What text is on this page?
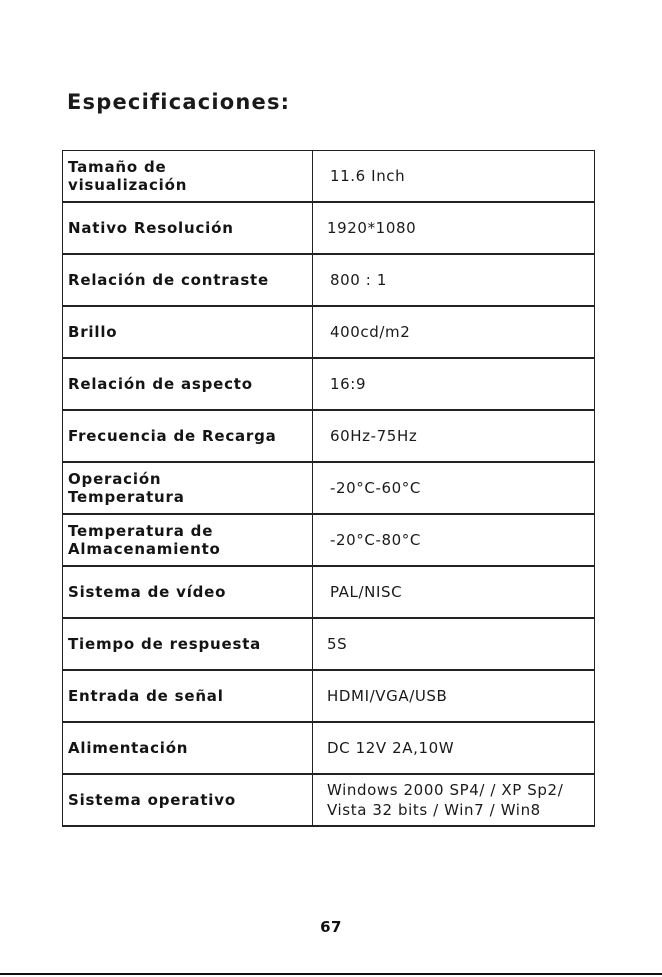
Especificaciones:
Tamaño de
visualización	11.6 Inch
Nativo Resolución	1920*1080
Relación de contraste	800 : 1
Brillo	400cd/m2
Relación de aspecto	16:9
Frecuencia de Recarga	60Hz-75Hz
Operación
Temperatura	-20°C-60°C
Temperatura de
Almacenamiento	-20°C-80°C
Sistema de vídeo	PAL/NISC
Tiempo de respuesta	5S
Entrada de señal	HDMI/VGA/USB
Alimentación	DC 12V 2A,10W
Sistema operativo	Windows 2000 SP4/ / XP Sp2/
Vista 32 bits / Win7 / Win8
67
